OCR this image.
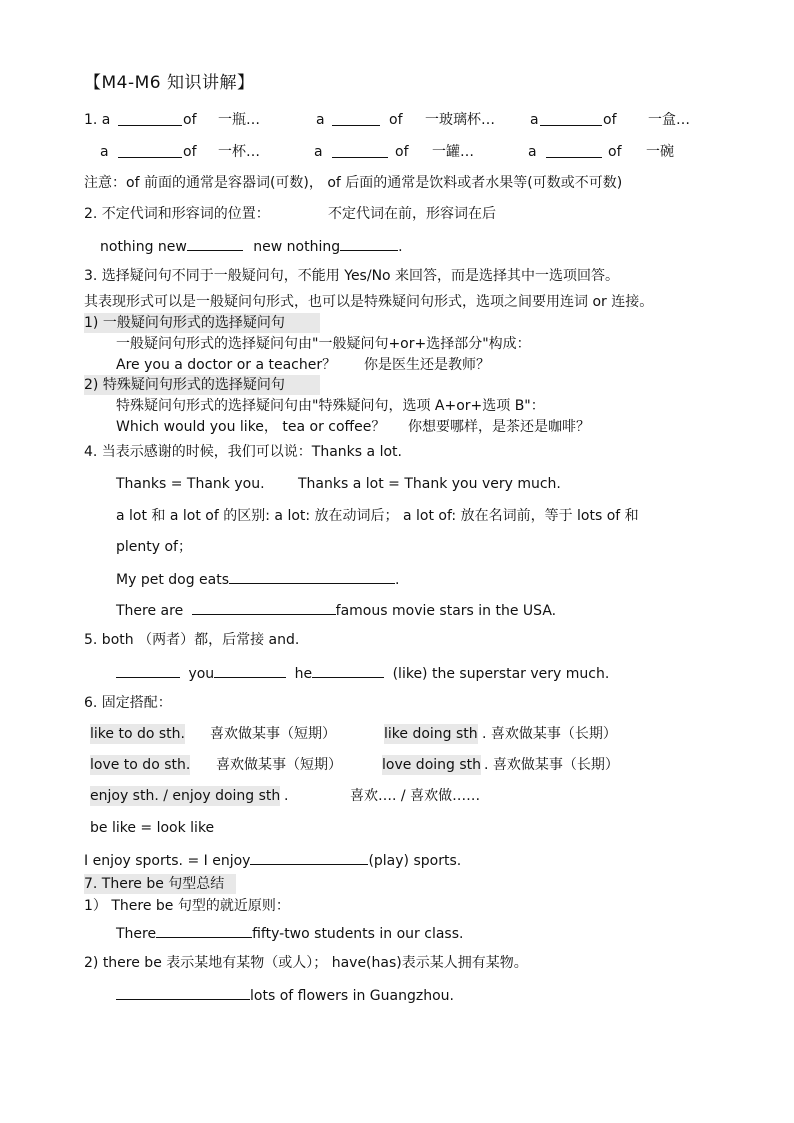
【M4-M6 知识讲解】
1. a	of 一瓶…	a	of 一玻璃杯…	a	of 一盒…
a	of 一杯…	a	of 一罐…	a	of 一碗
注意：of 前面的通常是容器词(可数)， of 后面的通常是饮料或者水果等(可数或不可数)
2. 不定代词和形容词的位置：	不定代词在前，形容词在后
nothing new	new nothing	.
3. 选择疑问句不同于一般疑问句，不能用 Yes/No 来回答，而是选择其中一选项回答。
其表现形式可以是一般疑问句形式，也可以是特殊疑问句形式，选项之间要用连词 or 连接。
1) 一般疑问句形式的选择疑问句
一般疑问句形式的选择疑问句由"一般疑问句+or+选择部分"构成：
Are you a doctor or a teacher？ 你是医生还是教师？
2) 特殊疑问句形式的选择疑问句
特殊疑问句形式的选择疑问句由"特殊疑问句，选项 A+or+选项 B"：
Which would you like， tea or coffee？ 你想要哪样，是茶还是咖啡？
4. 当表示感谢的时候，我们可以说：Thanks a lot.
Thanks = Thank you. Thanks a lot = Thank you very much.
a lot 和 a lot of 的区别: a lot: 放在动词后； a lot of: 放在名词前，等于 lots of 和
plenty of；
My pet dog eats	.
There are	famous movie stars in the USA.
5. both （两者）都，后常接 and.
you	he	(like) the superstar very much.
6. 固定搭配：
like to do sth. 喜欢做某事（短期）	like doing sth . 喜欢做某事（长期）
love to do sth. 喜欢做某事（短期）	love doing sth . 喜欢做某事（长期）
enjoy sth. / enjoy doing sth .	喜欢…. / 喜欢做……
be like = look like
I enjoy sports. = I enjoy	(play) sports.
7. There be 句型总结
1） There be 句型的就近原则：
There	fifty-two students in our class.
2) there be 表示某地有某物（或人）； have(has)表示某人拥有某物。
lots of flowers in Guangzhou.
